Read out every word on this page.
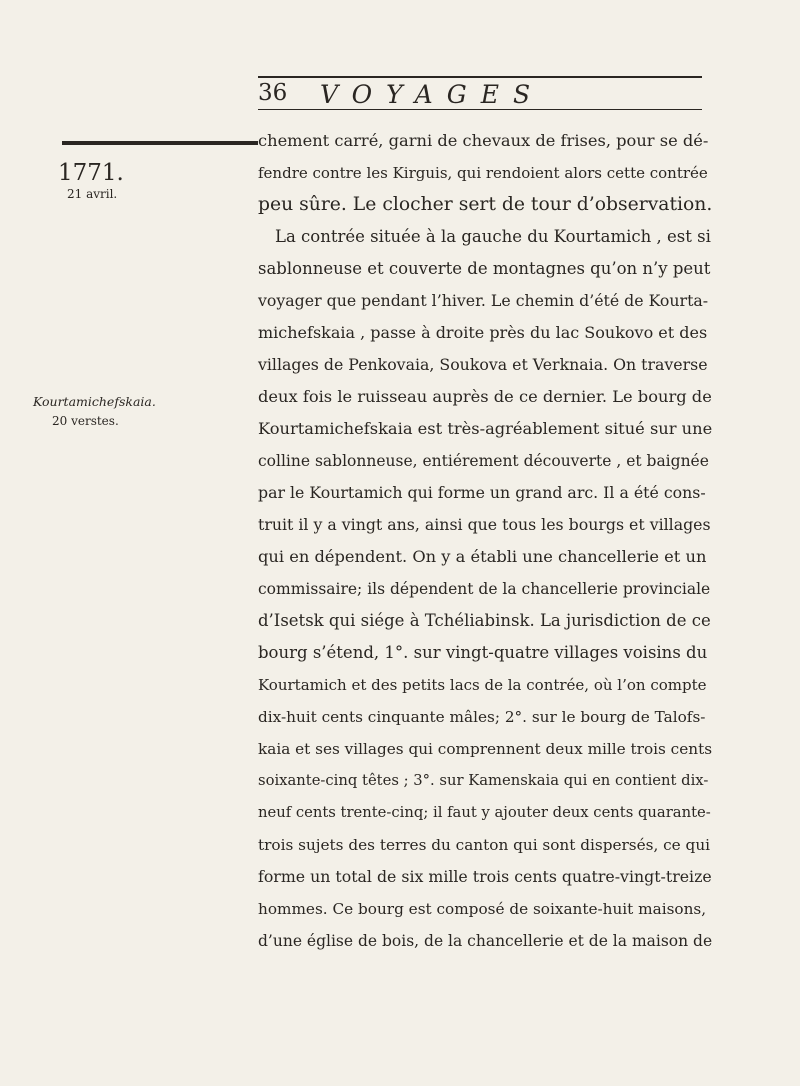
36 VOYAGES
1771.
21 avril.
Kourtamichefskaia.
20 verstes.
chement carré, garni de chevaux de frises, pour se dé-
fendre contre les Kirguis, qui rendoient alors cette contrée
peu sûre. Le clocher sert de tour d’observation.
La contrée située à la gauche du Kourtamich , est si
sablonneuse et couverte de montagnes qu’on n’y peut
voyager que pendant l’hiver. Le chemin d’été de Kourta-
michefskaia , passe à droite près du lac Soukovo et des
villages de Penkovaia, Soukova et Verknaia. On traverse
deux fois le ruisseau auprès de ce dernier. Le bourg de
Kourtamichefskaia est très-agréablement situé sur une
colline sablonneuse, entiérement découverte , et baignée
par le Kourtamich qui forme un grand arc. Il a été cons-
truit il y a vingt ans, ainsi que tous les bourgs et villages
qui en dépendent. On y a établi une chancellerie et un
commissaire; ils dépendent de la chancellerie provinciale
d’Isetsk qui siége à Tchéliabinsk. La jurisdiction de ce
bourg s’étend, 1°. sur vingt-quatre villages voisins du
Kourtamich et des petits lacs de la contrée, où l’on compte
dix-huit cents cinquante mâles; 2°. sur le bourg de Talofs-
kaia et ses villages qui comprennent deux mille trois cents
soixante-cinq têtes ; 3°. sur Kamenskaia qui en contient dix-
neuf cents trente-cinq; il faut y ajouter deux cents quarante-
trois sujets des terres du canton qui sont dispersés, ce qui
forme un total de six mille trois cents quatre-vingt-treize
hommes. Ce bourg est composé de soixante-huit maisons,
d’une église de bois, de la chancellerie et de la maison de
